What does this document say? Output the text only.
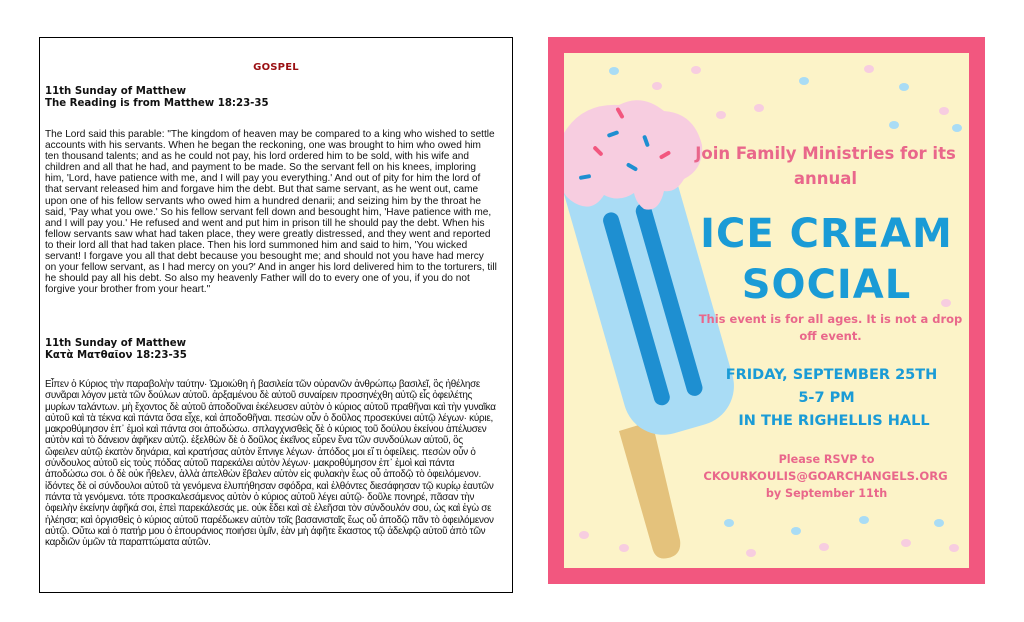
GOSPEL
11th Sunday of Matthew
The Reading is from Matthew 18:23-35

The Lord said this parable: "The kingdom of heaven may be compared to a king who wished to settle accounts with his servants. When he began the reckoning, one was brought to him who owed him ten thousand talents; and as he could not pay, his lord ordered him to be sold, with his wife and children and all that he had, and payment to be made. So the servant fell on his knees, imploring him, 'Lord, have patience with me, and I will pay you everything.' And out of pity for him the lord of that servant released him and forgave him the debt. But that same servant, as he went out, came upon one of his fellow servants who owed him a hundred denarii; and seizing him by the throat he said, 'Pay what you owe.' So his fellow servant fell down and besought him, 'Have patience with me, and I will pay you.' He refused and went and put him in prison till he should pay the debt. When his fellow servants saw what had taken place, they were greatly distressed, and they went and reported to their lord all that had taken place. Then his lord summoned him and said to him, 'You wicked servant! I forgave you all that debt because you besought me; and should not you have had mercy on your fellow servant, as I had mercy on you?' And in anger his lord delivered him to the torturers, till he should pay all his debt. So also my heavenly Father will do to every one of you, if you do not forgive your brother from your heart."

11th Sunday of Matthew
Κατὰ Ματθαῖον 18:23-35

Εἶπεν ὁ Κύριος τὴν παραβολὴν ταύτην· Ὡμοιώθη ἡ βασιλεία τῶν οὐρανῶν ἀνθρώπῳ βασιλεῖ, ὃς ἠθέλησε συνᾶραι λόγον μετὰ τῶν δούλων αὐτοῦ. ἀρξαμένου δὲ αὐτοῦ συναίρειν προσηνέχθη αὐτῷ εἷς ὀφειλέτης μυρίων ταλάντων. μὴ ἔχοντος δὲ αὐτοῦ ἀποδοῦναι ἐκέλευσεν αὐτὸν ὁ κύριος αὐτοῦ πραθῆναι καὶ τὴν γυναῖκα αὐτοῦ καὶ τὰ τέκνα καὶ πάντα ὅσα εἶχε, καὶ ἀποδοθῆναι. πεσὼν οὖν ὁ δοῦλος προσεκύνει αὐτῷ λέγων· κύριε, μακροθύμησον ἐπ᾿ ἐμοὶ καὶ πάντα σοι ἀποδώσω. σπλαγχνισθεὶς δὲ ὁ κύριος τοῦ δούλου ἐκείνου ἀπέλυσεν αὐτὸν καὶ τὸ δάνειον ἀφῆκεν αὐτῷ. ἐξελθὼν δὲ ὁ δοῦλος ἐκεῖνος εὗρεν ἕνα τῶν συνδούλων αὐτοῦ, ὃς ὤφειλεν αὐτῷ ἑκατὸν δηνάρια, καὶ κρατήσας αὐτὸν ἔπνιγε λέγων· ἀπόδος μοι εἴ τι ὀφείλεις. πεσὼν οὖν ὁ σύνδουλος αὐτοῦ εἰς τοὺς πόδας αὐτοῦ παρεκάλει αὐτὸν λέγων· μακροθύμησον ἐπ᾿ ἐμοὶ καὶ πάντα ἀποδώσω σοι. ὁ δὲ οὐκ ἤθελεν, ἀλλὰ ἀπελθὼν ἔβαλεν αὐτὸν εἰς φυλακὴν ἕως οὗ ἀποδῷ τὸ ὀφειλόμενον. ἰδόντες δὲ οἱ σύνδουλοι αὐτοῦ τὰ γενόμενα ἐλυπήθησαν σφόδρα, καὶ ἐλθόντες διεσάφησαν τῷ κυρίῳ ἑαυτῶν πάντα τὰ γενόμενα. τότε προσκαλεσάμενος αὐτὸν ὁ κύριος αὐτοῦ λέγει αὐτῷ· δοῦλε πονηρέ, πᾶσαν τὴν ὀφειλὴν ἐκείνην ἀφῆκά σοι, ἐπεὶ παρεκάλεσάς με. οὐκ ἔδει καὶ σὲ ἐλεῆσαι τὸν σύνδουλόν σου, ὡς καὶ ἐγὼ σε ἠλέησα; καὶ ὀργισθεὶς ὁ κύριος αὐτοῦ παρέδωκεν αὐτὸν τοῖς βασανισταῖς ἕως οὗ ἀποδῷ πᾶν τὸ ὀφειλόμενον αὐτῷ. Οὕτω καὶ ὁ πατήρ μου ὁ ἐπουράνιος ποιήσει ὑμῖν, ἐὰν μὴ ἀφῆτε ἕκαστος τῷ ἀδελφῷ αὐτοῦ ἀπὸ τῶν καρδιῶν ὑμῶν τὰ παραπτώματα αὐτῶν.

Join Family Ministries for its annual

ICE CREAM

SOCIAL

This event is for all ages. It is not a drop off event.

FRIDAY, SEPTEMBER 25TH

5-7 PM

IN THE RIGHELLIS HALL

Please RSVP to

CKOURKOULIS@GOARCHANGELS.ORG

by September 11th
